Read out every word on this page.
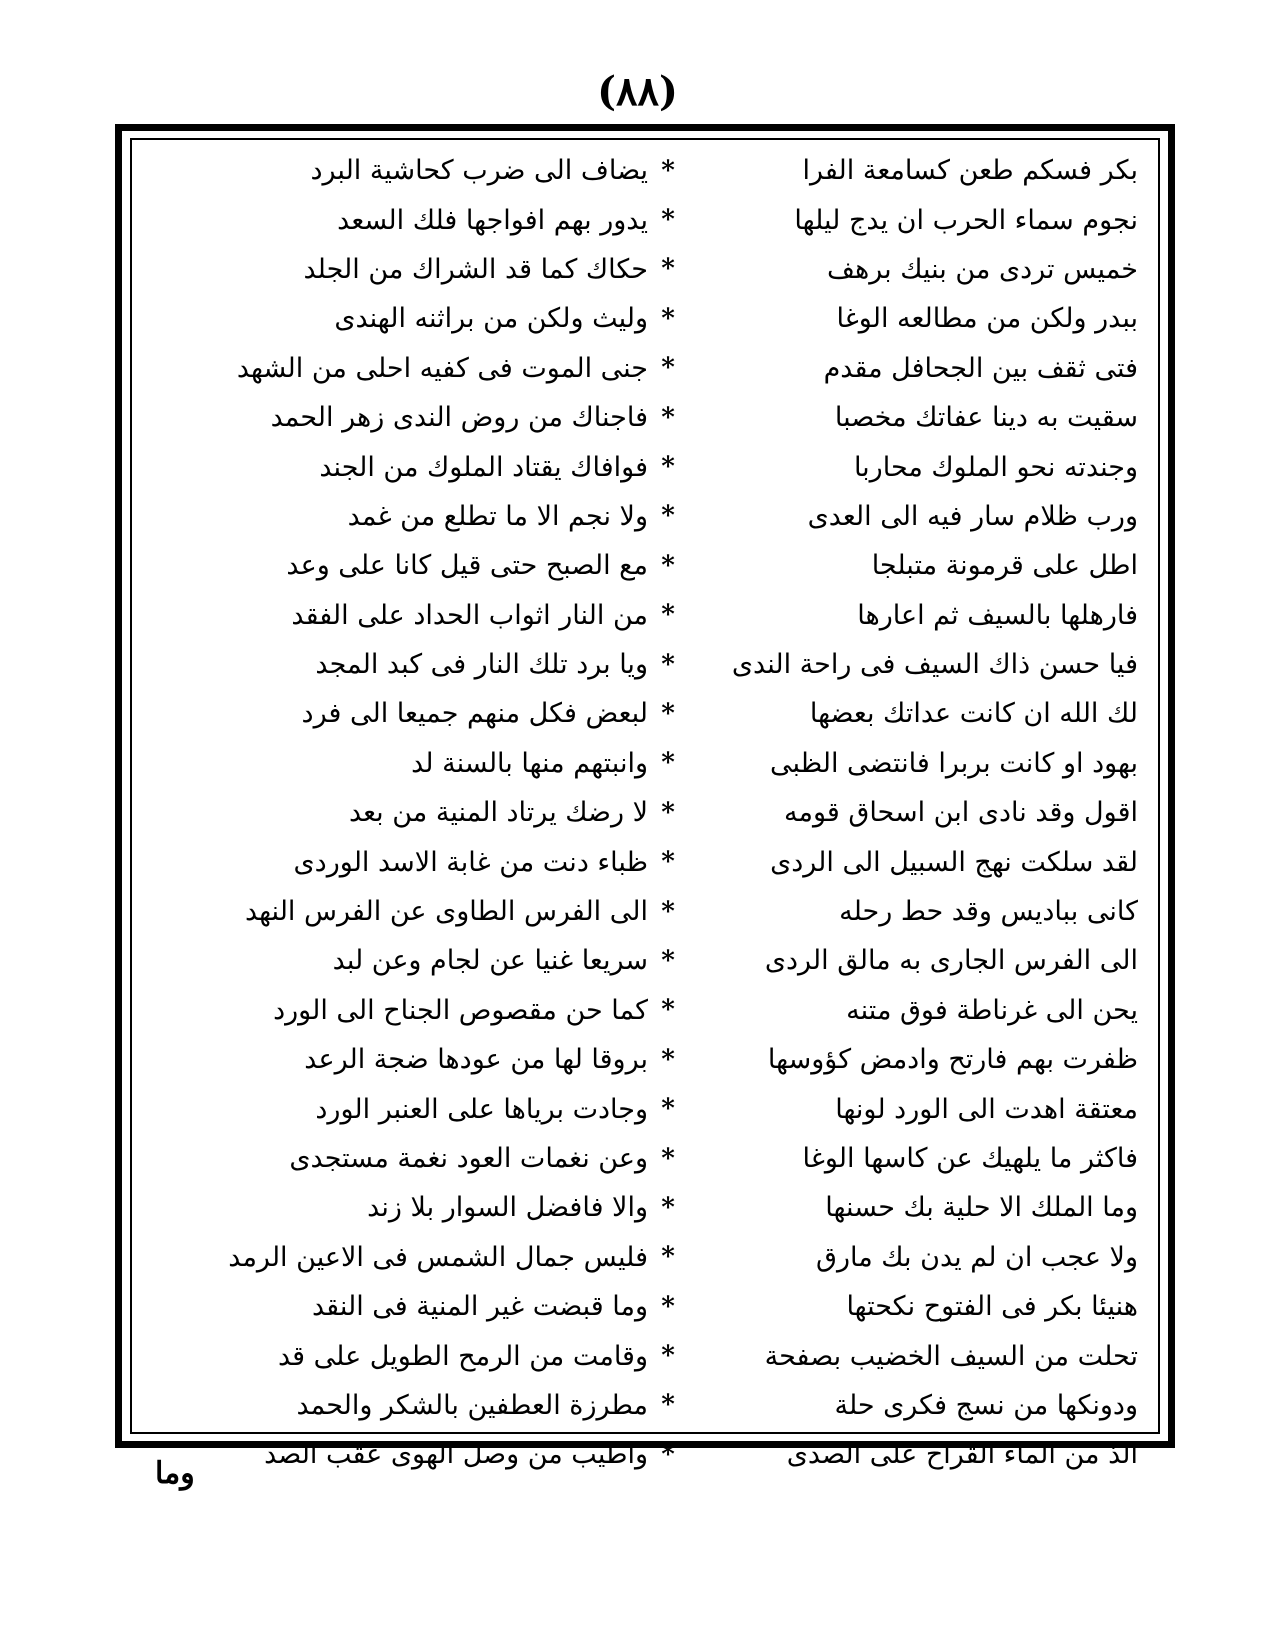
(٨٨)
بكر فسكم طعن كسامعة الفرا
*
يضاف الى ضرب كحاشية البرد
نجوم سماء الحرب ان يدج ليلها
*
يدور بهم افواجها فلك السعد
خميس تردى من بنيك برهف
*
حكاك كما قد الشراك من الجلد
ببدر ولكن من مطالعه الوغا
*
وليث ولكن من براثنه الهندى
فتى ثقف بين الجحافل مقدم
*
جنى الموت فى كفيه احلى من الشهد
سقيت به دينا عفاتك مخصبا
*
فاجناك من روض الندى زهر الحمد
وجندته نحو الملوك محاربا
*
فوافاك يقتاد الملوك من الجند
ورب ظلام سار فيه الى العدى
*
ولا نجم الا ما تطلع من غمد
اطل على قرمونة متبلجا
*
مع الصبح حتى قيل كانا على وعد
فارهلها بالسيف ثم اعارها
*
من النار اثواب الحداد على الفقد
فيا حسن ذاك السيف فى راحة الندى
*
ويا برد تلك النار فى كبد المجد
لك الله ان كانت عداتك بعضها
*
لبعض فكل منهم جميعا الى فرد
بهود او كانت بربرا فانتضى الظبى
*
وانبتهم منها بالسنة لد
اقول وقد نادى ابن اسحاق قومه
*
لا رضك يرتاد المنية من بعد
لقد سلكت نهج السبيل الى الردى
*
ظباء دنت من غابة الاسد الوردى
كانى ببادیس وقد حط رحله
*
الى الفرس الطاوى عن الفرس النهد
الى الفرس الجارى به مالق الردى
*
سريعا غنيا عن لجام وعن لبد
يحن الى غرناطة فوق متنه
*
كما حن مقصوص الجناح الى الورد
ظفرت بهم فارتح وادمض كؤوسها
*
بروقا لها من عودها ضجة الرعد
معتقة اهدت الى الورد لونها
*
وجادت برياها على العنبر الورد
فاكثر ما يلهيك عن كاسها الوغا
*
وعن نغمات العود نغمة مستجدى
وما الملك الا حلية بك حسنها
*
والا فافضل السوار بلا زند
ولا عجب ان لم يدن بك مارق
*
فليس جمال الشمس فى الاعين الرمد
هنيئا بكر فى الفتوح نكحتها
*
وما قبضت غير المنية فى النقد
تحلت من السيف الخضيب بصفحة
*
وقامت من الرمح الطويل على قد
ودونكها من نسج فكرى حلة
*
مطرزة العطفين بالشكر والحمد
الذ من الماء القراح على الصدى
*
واطيب من وصل الهوى عقب الصد
وما
